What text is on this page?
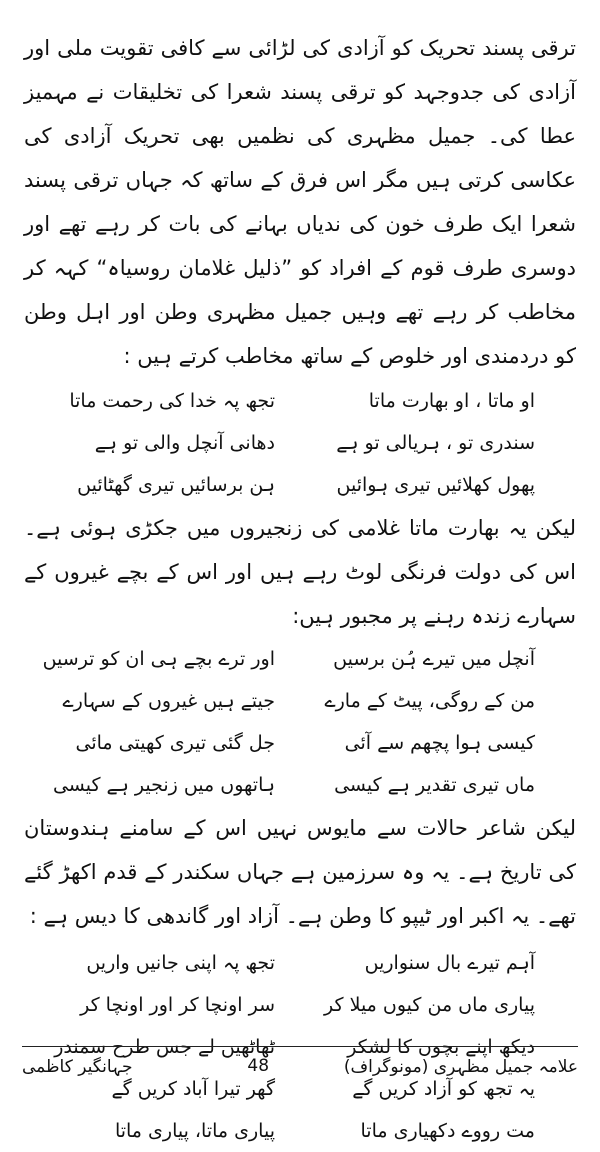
ترقی پسند تحریک کو آزادی کی لڑائی سے کافی تقویت ملی اور آزادی کی جدوجہد کو ترقی پسند شعرا کی تخلیقات نے مہمیز عطا کی۔ جمیل مظہری کی نظمیں بھی تحریک آزادی کی عکاسی کرتی ہیں مگر اس فرق کے ساتھ کہ جہاں ترقی پسند شعرا ایک طرف خون کی ندیاں بہانے کی بات کر رہے تھے اور دوسری طرف قوم کے افراد کو ”ذلیل غلامان روسیاہ“ کہہ کر مخاطب کر رہے تھے وہیں جمیل مظہری وطن اور اہل وطن کو دردمندی اور خلوص کے ساتھ مخاطب کرتے ہیں :

او ماتا ، او بھارت ماتا
تجھ پہ خدا کی رحمت ماتا
سندری تو ، ہریالی تو ہے
دھانی آنچل والی تو ہے
پھول کھلائیں تیری ہوائیں
ہن برسائیں تیری گھٹائیں

لیکن یہ بھارت ماتا غلامی کی زنجیروں میں جکڑی ہوئی ہے۔ اس کی دولت فرنگی لوٹ رہے ہیں اور اس کے بچے غیروں کے سہارے زندہ رہنے پر مجبور ہیں:

آنچل میں تیرے ہُن برسیں
اور ترے بچے ہی ان کو ترسیں
من کے روگی، پیٹ کے مارے
جیتے ہیں غیروں کے سہارے
کیسی ہوا پچھم سے آئی
جل گئی تیری کھیتی مائی
ماں تیری تقدیر ہے کیسی
ہاتھوں میں زنجیر ہے کیسی

لیکن شاعر حالات سے مایوس نہیں اس کے سامنے ہندوستان کی تاریخ ہے۔ یہ وہ سرزمین ہے جہاں سکندر کے قدم اکھڑ گئے تھے۔ یہ اکبر اور ٹیپو کا وطن ہے۔ آزاد اور گاندھی کا دیس ہے :

آہم تیرے بال سنواریں
تجھ پہ اپنی جانیں واریں
پیاری ماں من کیوں میلا کر
سر اونچا کر اور اونچا کر
دیکھ اپنے بچوں کا لشکر
ٹھاٹھیں لے جس طرح سمندر
یہ تجھ کو آزاد کریں گے
گھر تیرا آباد کریں گے
مت رووے دکھیاری ماتا
پیاری ماتا، پیاری ماتا
جہانگیر کاظمی	48	علامہ جمیل مظہری (مونوگراف)
